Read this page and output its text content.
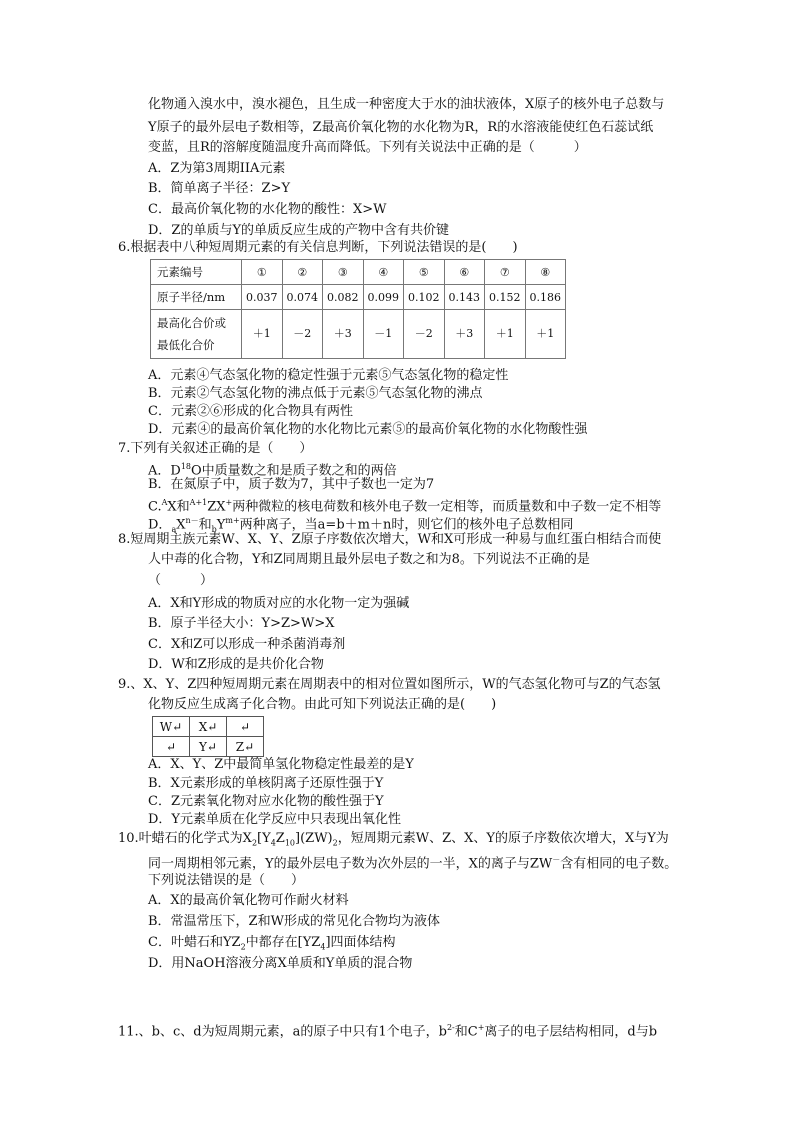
化物通入溴水中，溴水褪色，且生成一种密度大于水的油状液体，X原子的核外电子总数与
Y原子的最外层电子数相等，Z最高价氧化物的水化物为R，R的水溶液能使红色石蕊试纸
变蓝，且R的溶解度随温度升高而降低。下列有关说法中正确的是（　　　）
A．Z为第3周期IIA元素
B．简单离子半径：Z>Y
C．最高价氧化物的水化物的酸性：X>W
D．Z的单质与Y的单质反应生成的产物中含有共价键
6.根据表中八种短周期元素的有关信息判断，下列说法错误的是(　　)
元素编号	①	②	③	④	⑤	⑥	⑦	⑧
原子半径/nm	0.037	0.074	0.082	0.099	0.102	0.143	0.152	0.186
最高化合价或
最低化合价	＋1	－2	＋3	－1	－2	＋3	＋1	＋1
A．元素④气态氢化物的稳定性强于元素⑤气态氢化物的稳定性
B．元素②气态氢化物的沸点低于元素⑤气态氢化物的沸点
C．元素②⑥形成的化合物具有两性
D．元素④的最高价氧化物的水化物比元素⑤的最高价氧化物的水化物酸性强
7.下列有关叙述正确的是（　　）
A．$D^{18}O$中质量数之和是质子数之和的两倍
B．在氮原子中，质子数为7，其中子数也一定为7
C.$^A$X和$^{A+1}$ZX+两种微粒的核电荷数和核外电子数一定相等，而质量数和中子数一定不相等
D．$_aX^{n-}$和$_bY^{m+}$两种离子，当a=b＋m＋n时，则它们的核外电子总数相同
8.短周期主族元素W、X、Y、Z原子序数依次增大，W和X可形成一种易与血红蛋白相结合而使
人中毒的化合物，Y和Z同周期且最外层电子数之和为8。下列说法不正确的是
（　　　）
A．X和Y形成的物质对应的水化物一定为强碱
B．原子半径大小：Y>Z>W>X
C．X和Z可以形成一种杀菌消毒剂
D．W和Z形成的是共价化合物
9.、X、Y、Z四种短周期元素在周期表中的相对位置如图所示，W的气态氢化物可与Z的气态氢
化物反应生成离子化合物。由此可知下列说法正确的是(　　)
W↵	X↵	↵
↵	Y↵	Z↵
A．X、Y、Z中最简单氢化物稳定性最差的是Y
B．X元素形成的单核阴离子还原性强于Y
C．Z元素氧化物对应水化物的酸性强于Y
D．Y元素单质在化学反应中只表现出氧化性
10.叶蜡石的化学式为$X_2[Y_4Z_{10}](ZW)_2$，短周期元素W、Z、X、Y的原子序数依次增大，X与Y为
同一周期相邻元素，Y的最外层电子数为次外层的一半，X的离子与ZW－含有相同的电子数。
下列说法错误的是（　　）
A．X的最高价氧化物可作耐火材料
B．常温常压下，Z和W形成的常见化合物均为液体
C．叶蜡石和$YZ_2$中都存在$[YZ_4]$四面体结构
D．用NaOH溶液分离X单质和Y单质的混合物
11.、b、c、d为短周期元素，a的原子中只有1个电子，$b^{2-}$和C+离子的电子层结构相同，d与b
